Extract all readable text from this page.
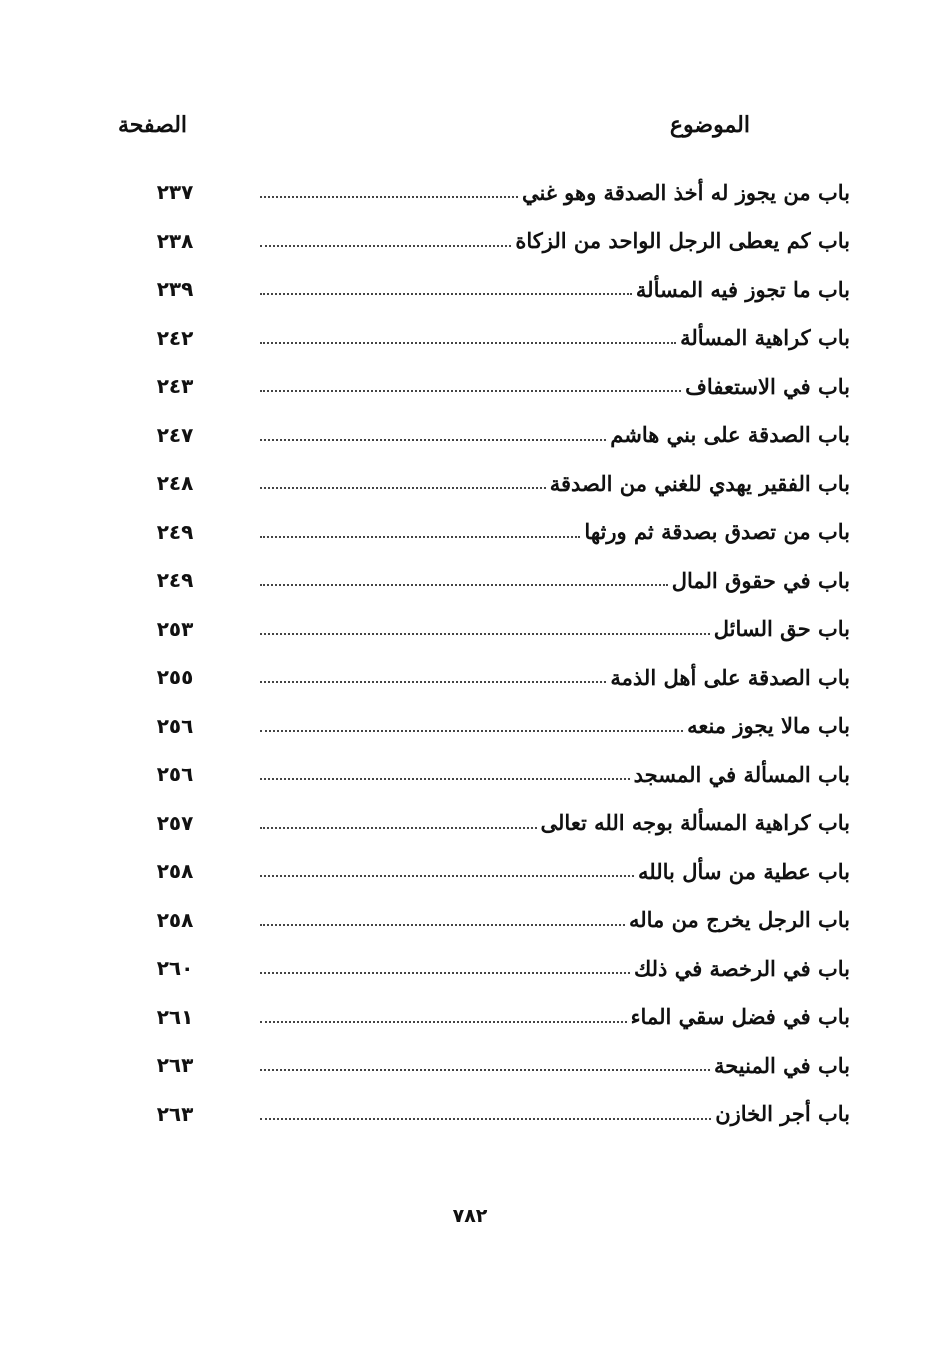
الموضوع
الصفحة
باب من يجوز له أخذ الصدقة وهو غني
٢٣٧
باب كم يعطى الرجل الواحد من الزكاة
٢٣٨
باب ما تجوز فيه المسألة
٢٣٩
باب كراهية المسألة
٢٤٢
باب في الاستعفاف
٢٤٣
باب الصدقة على بني هاشم
٢٤٧
باب الفقير يهدي للغني من الصدقة
٢٤٨
باب من تصدق بصدقة ثم ورثها
٢٤٩
باب في حقوق المال
٢٤٩
باب حق السائل
٢٥٣
باب الصدقة على أهل الذمة
٢٥٥
باب مالا يجوز منعه
٢٥٦
باب المسألة في المسجد
٢٥٦
باب كراهية المسألة بوجه الله تعالى
٢٥٧
باب عطية من سأل بالله
٢٥٨
باب الرجل يخرج من ماله
٢٥٨
باب في الرخصة في ذلك
٢٦٠
باب في فضل سقي الماء
٢٦١
باب في المنيحة
٢٦٣
باب أجر الخازن
٢٦٣
٧٨٢
